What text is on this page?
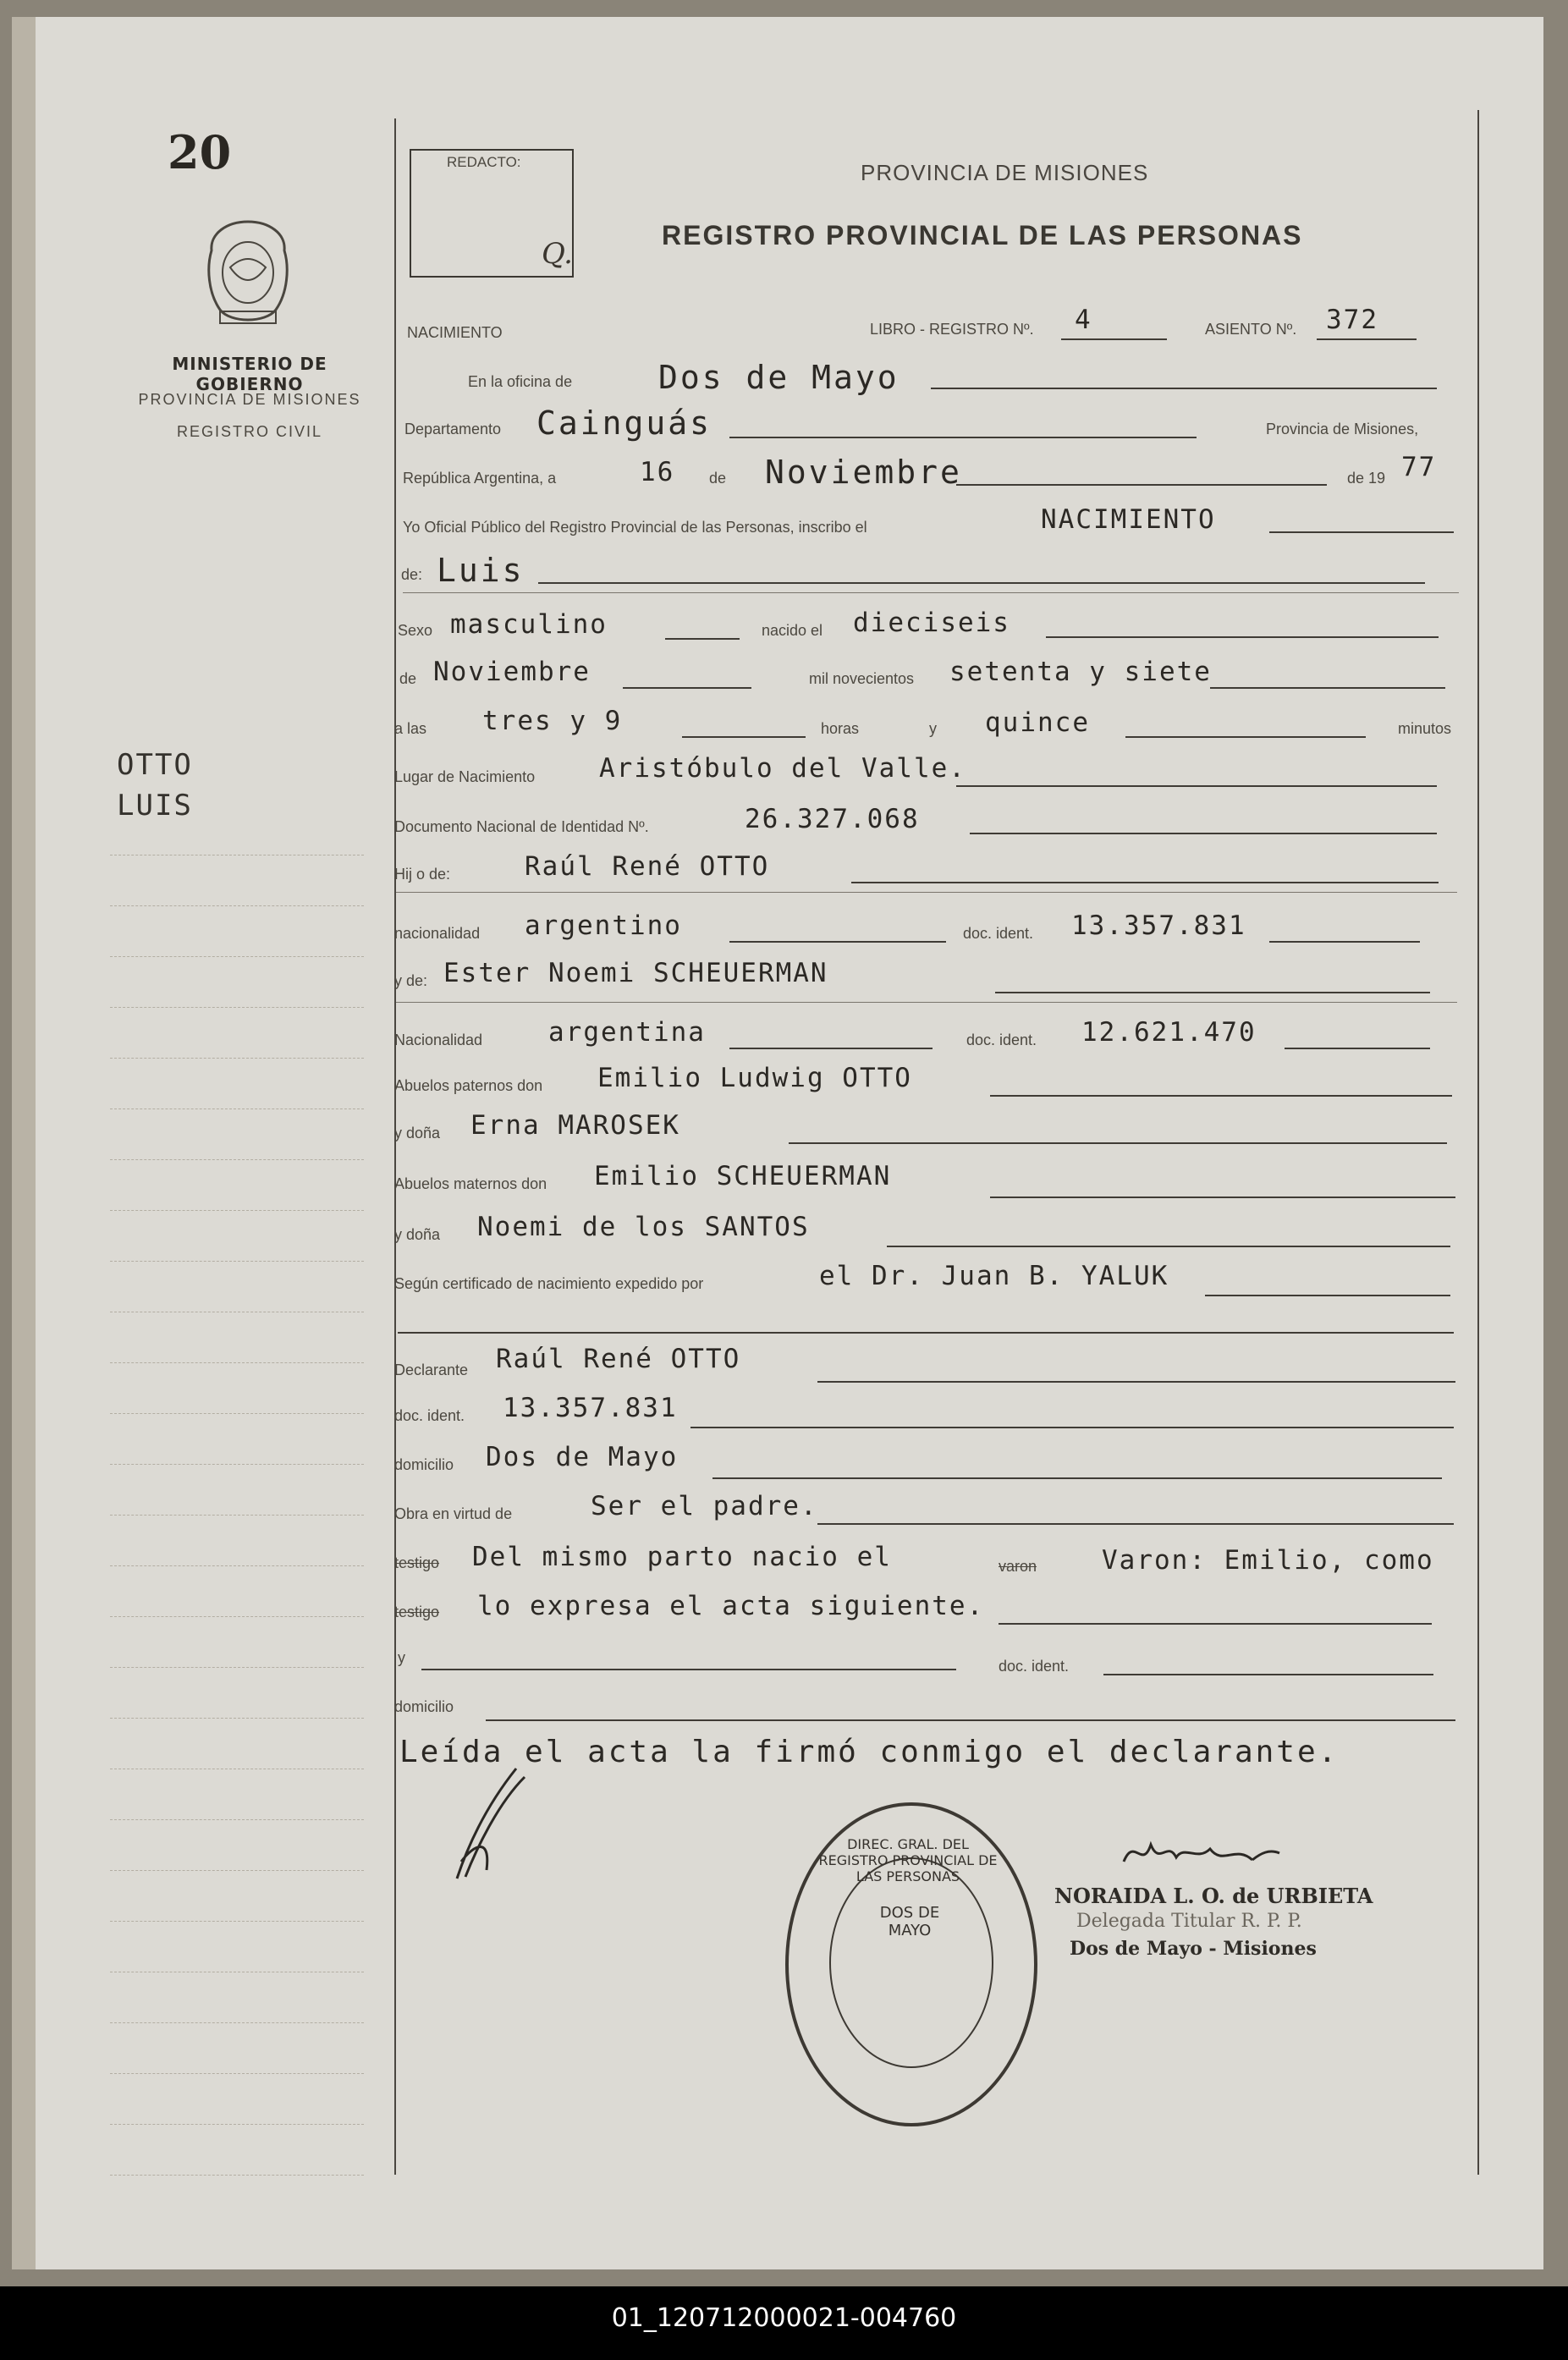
20
MINISTERIO DE GOBIERNO
PROVINCIA DE MISIONES
REGISTRO CIVIL
OTTO
LUIS
REDACTO:
Q.
PROVINCIA DE MISIONES
REGISTRO PROVINCIAL DE LAS PERSONAS
NACIMIENTO	LIBRO - REGISTRO Nº. 4	ASIENTO Nº. 372
En la oficina de	Dos de Mayo
Departamento Cainguás	Provincia de Misiones,
República Argentina, a	16 de Noviembre	de 19 77
Yo Oficial Público del Registro Provincial de las Personas, inscribo el	NACIMIENTO
de: Luis
Sexo masculino	nacido el dieciseis
de Noviembre	mil novecientos setenta y siete
a las tres y 9	horas	y quince	minutos
Lugar de Nacimiento Aristóbulo del Valle.
Documento Nacional de Identidad Nº.	26.327.068
Hij o de:	Raúl René OTTO
nacionalidad argentino	doc. ident. 13.357.831
y de: Ester Noemi SCHEUERMAN
Nacionalidad	argentina	doc. ident. 12.621.470
Abuelos paternos don Emilio Ludwig OTTO
y doña Erna MAROSEK
Abuelos maternos don Emilio SCHEUERMAN
y doña Noemi de los SANTOS
Según certificado de nacimiento expedido por	el Dr. Juan B. YALUK
Declarante Raúl René OTTO
doc. ident. 13.357.831
domicilio Dos de Mayo
Obra en virtud de	Ser el padre.
testigo Del mismo parto nacio el	varon Varon: Emilio, como
testigo lo expresa el acta siguiente.
y	doc. ident.
domicilio
Leída el acta la firmó conmigo el declarante.
DIREC. GRAL. DEL REGISTRO PROVINCIAL DE LAS PERSONAS
DOS DE MAYO
NORAIDA L. O. de URBIETA
Delegada Titular R. P. P.
Dos de Mayo - Misiones
01_120712000021-004760
